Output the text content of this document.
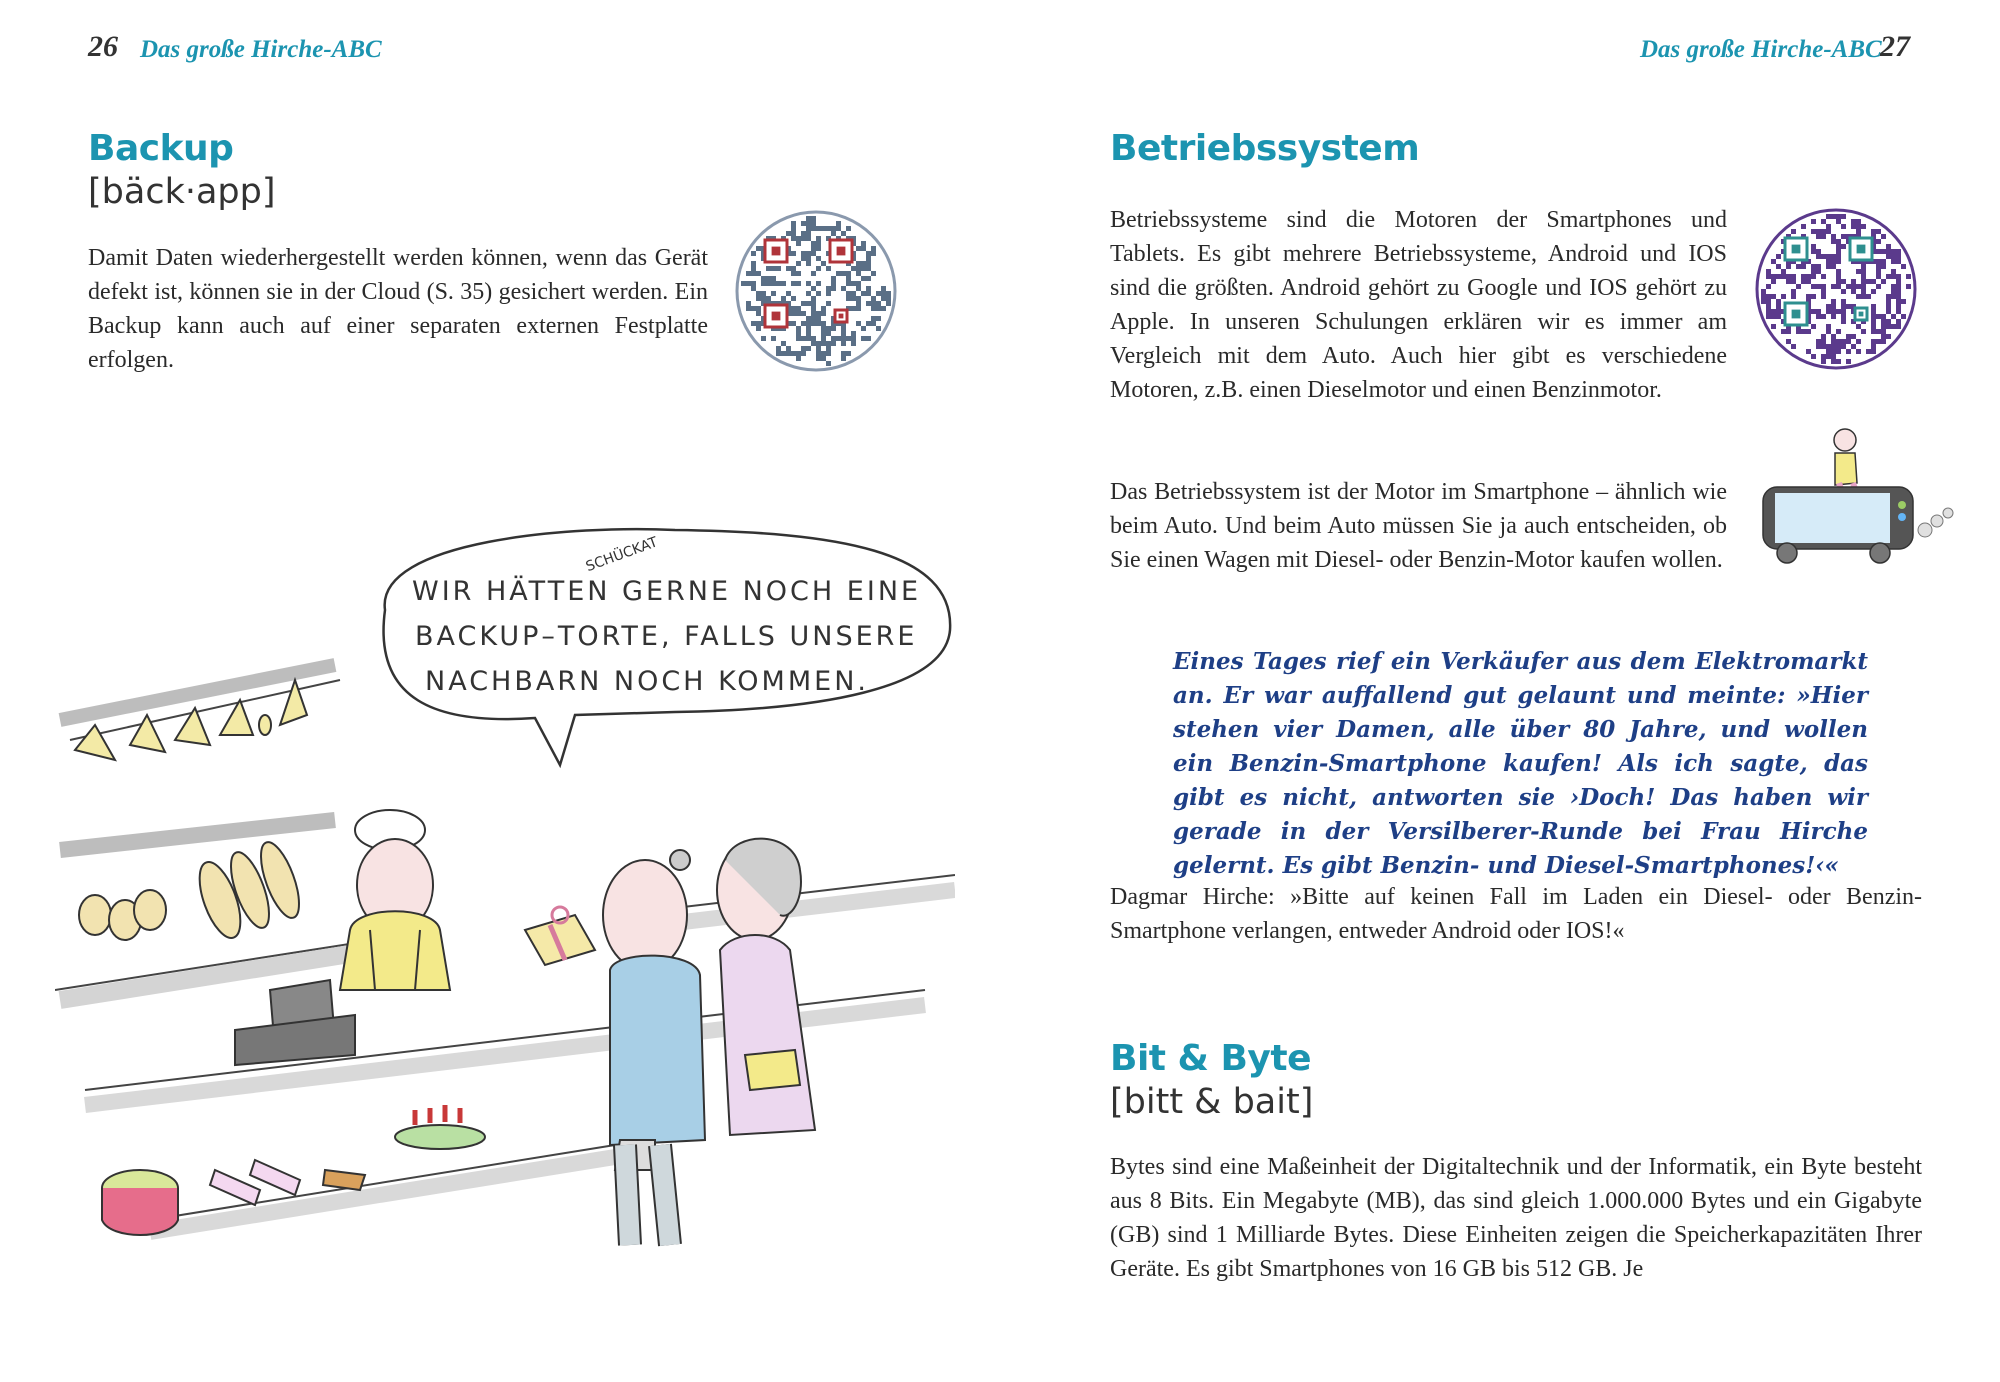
26 Das große Hirche-ABC
Backup
[bäck·app]
Damit Daten wiederhergestellt werden können, wenn das Gerät defekt ist, können sie in der Cloud (S. 35) gesichert werden. Ein Backup kann auch auf einer separaten externen Festplatte erfolgen.
WIR HÄTTEN GERNE NOCH EINE
BACKUP–TORTE, FALLS UNSERE
NACHBARN NOCH KOMMEN.
SCHÜCKAT
Das große Hirche-ABC
27
Betriebssystem
Betriebssysteme sind die Motoren der Smartphones und Tablets. Es gibt mehrere Betriebssysteme, Android und IOS sind die größten. Android gehört zu Google und IOS gehört zu Apple. In unseren Schulungen erklären wir es immer am Vergleich mit dem Auto. Auch hier gibt es verschiedene Motoren, z.B. einen Dieselmotor und einen Benzinmotor.
Das Betriebssystem ist der Motor im Smartphone – ähnlich wie beim Auto. Und beim Auto müssen Sie ja auch entscheiden, ob Sie einen Wagen mit Diesel- oder Benzin-Motor kaufen wollen.
Eines Tages rief ein Verkäufer aus dem Elektromarkt an. Er war auffallend gut gelaunt und meinte: »Hier stehen vier Damen, alle über 80 Jahre, und wollen ein Benzin-Smartphone kaufen! Als ich sagte, das gibt es nicht, antworten sie ›Doch! Das haben wir gerade in der Versilberer-Runde bei Frau Hirche gelernt. Es gibt Benzin- und Diesel-Smartphones!‹«
Dagmar Hirche: »Bitte auf keinen Fall im Laden ein Diesel- oder Benzin-Smartphone verlangen, entweder Android oder IOS!«
Bit & Byte
[bitt & bait]
Bytes sind eine Maßeinheit der Digitaltechnik und der Informatik, ein Byte besteht aus 8 Bits. Ein Megabyte (MB), das sind gleich 1.000.000 Bytes und ein Gigabyte (GB) sind 1 Milliarde Bytes. Diese Einheiten zeigen die Speicherkapazitäten Ihrer Geräte. Es gibt Smartphones von 16 GB bis 512 GB. Je
